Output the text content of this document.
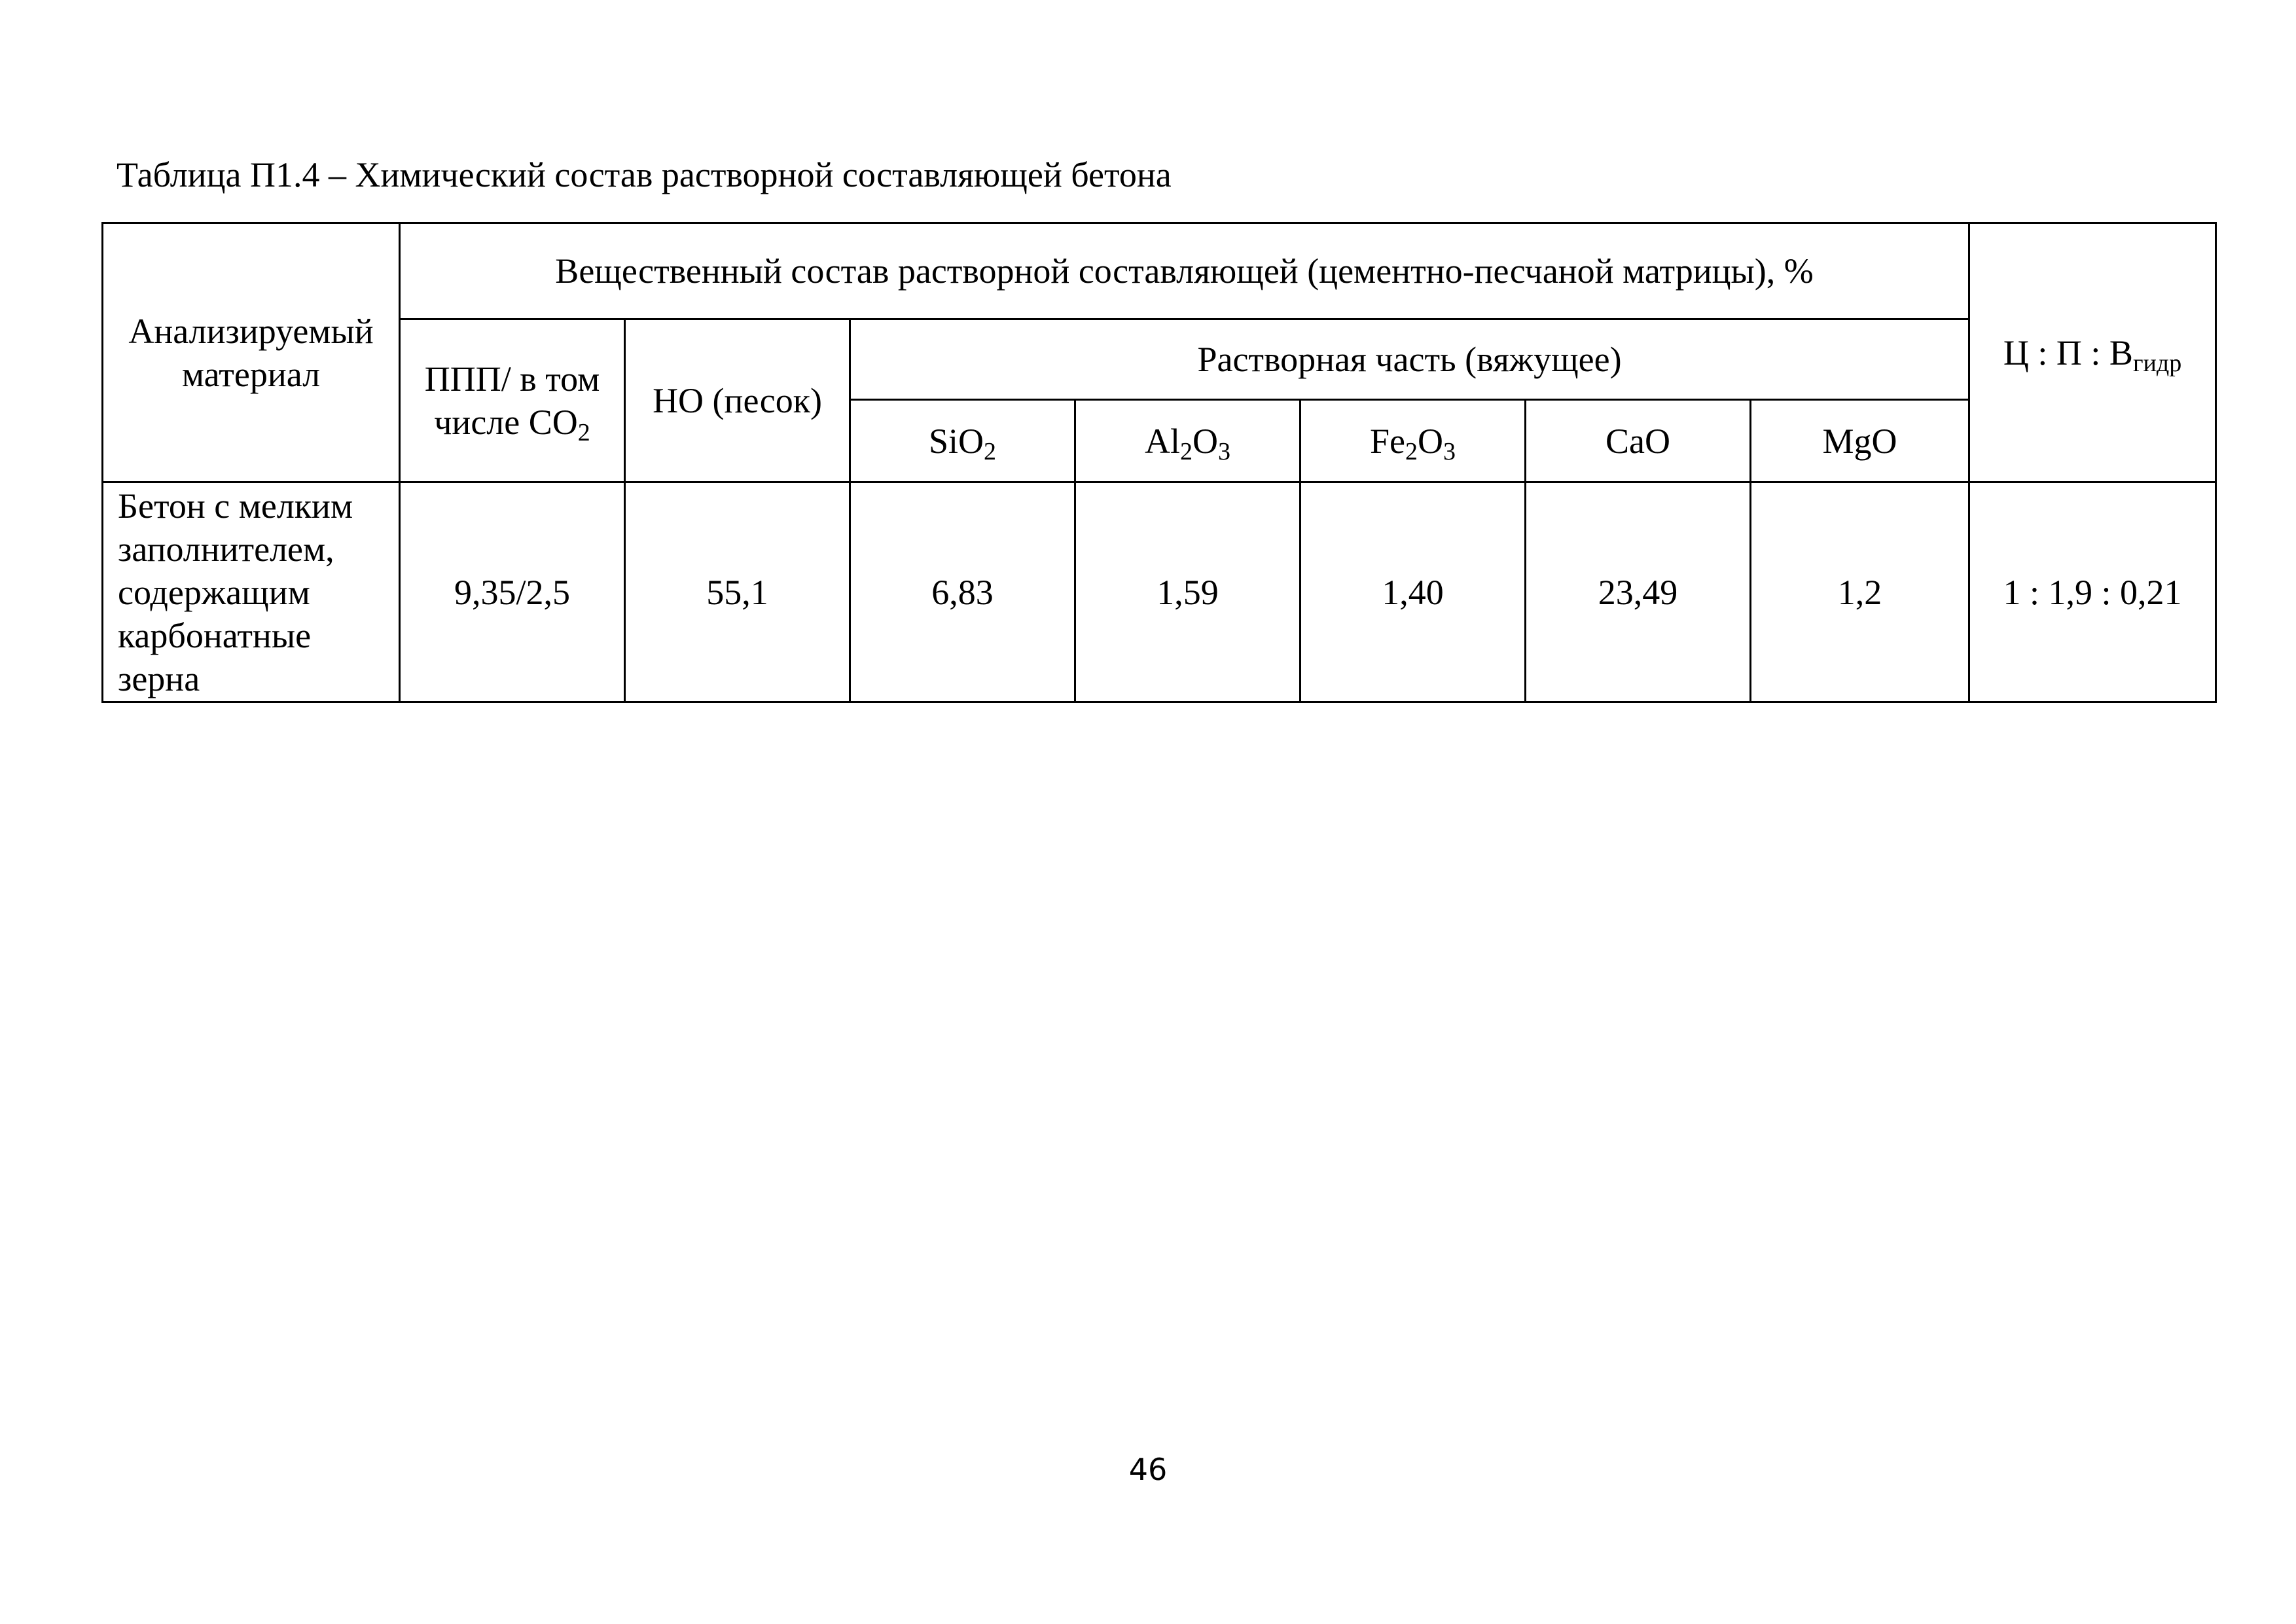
Таблица П1.4 – Химический состав растворной составляющей бетона
Анализируемый материал	Вещественный состав растворной составляющей (цементно-песчаной матрицы), %							Ц : П : $В_{гидр}$
	ППП/ в том числе $CO_2$	НО (песок)	Растворная часть (вяжущее)					
			SiO$_2$	$Al_2O_3$	$Fe_2O_3$	CaO	MgO	
Бетон с мелким заполнителем, содержащим карбонатные зерна	9,35/2,5	55,1	6,83	1,59	1,40	23,49	1,2	1 : 1,9 : 0,21
46
